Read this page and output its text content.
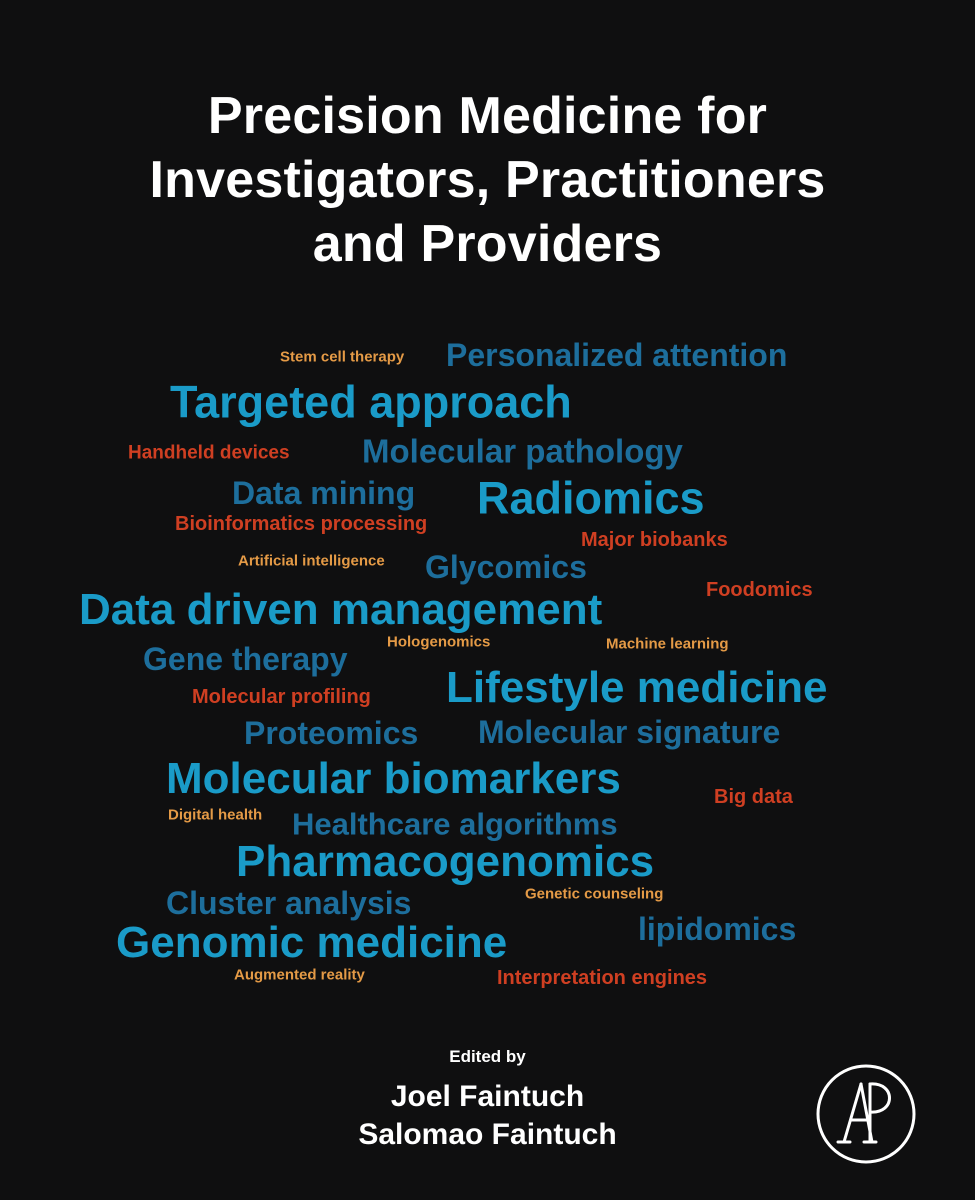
Precision Medicine for
Investigators, Practitioners
and Providers
Stem cell therapy Personalized attention
Targeted approach
Handheld devices Molecular pathology
Data mining Radiomics
Bioinformatics processing
Major biobanks
Artificial intelligence Glycomics
Data driven management	Foodomics
Hologenomics	Machine learning
Gene therapy
Molecular profiling Lifestyle medicine
Proteomics Molecular signature
Molecular biomarkers	Big data
Digital health Healthcare algorithms
Pharmacogenomics
Cluster analysis	Genetic counseling
Genomic medicine	lipidomics
Augmented reality	Interpretation engines
Edited by
Joel Faintuch
Salomao Faintuch
